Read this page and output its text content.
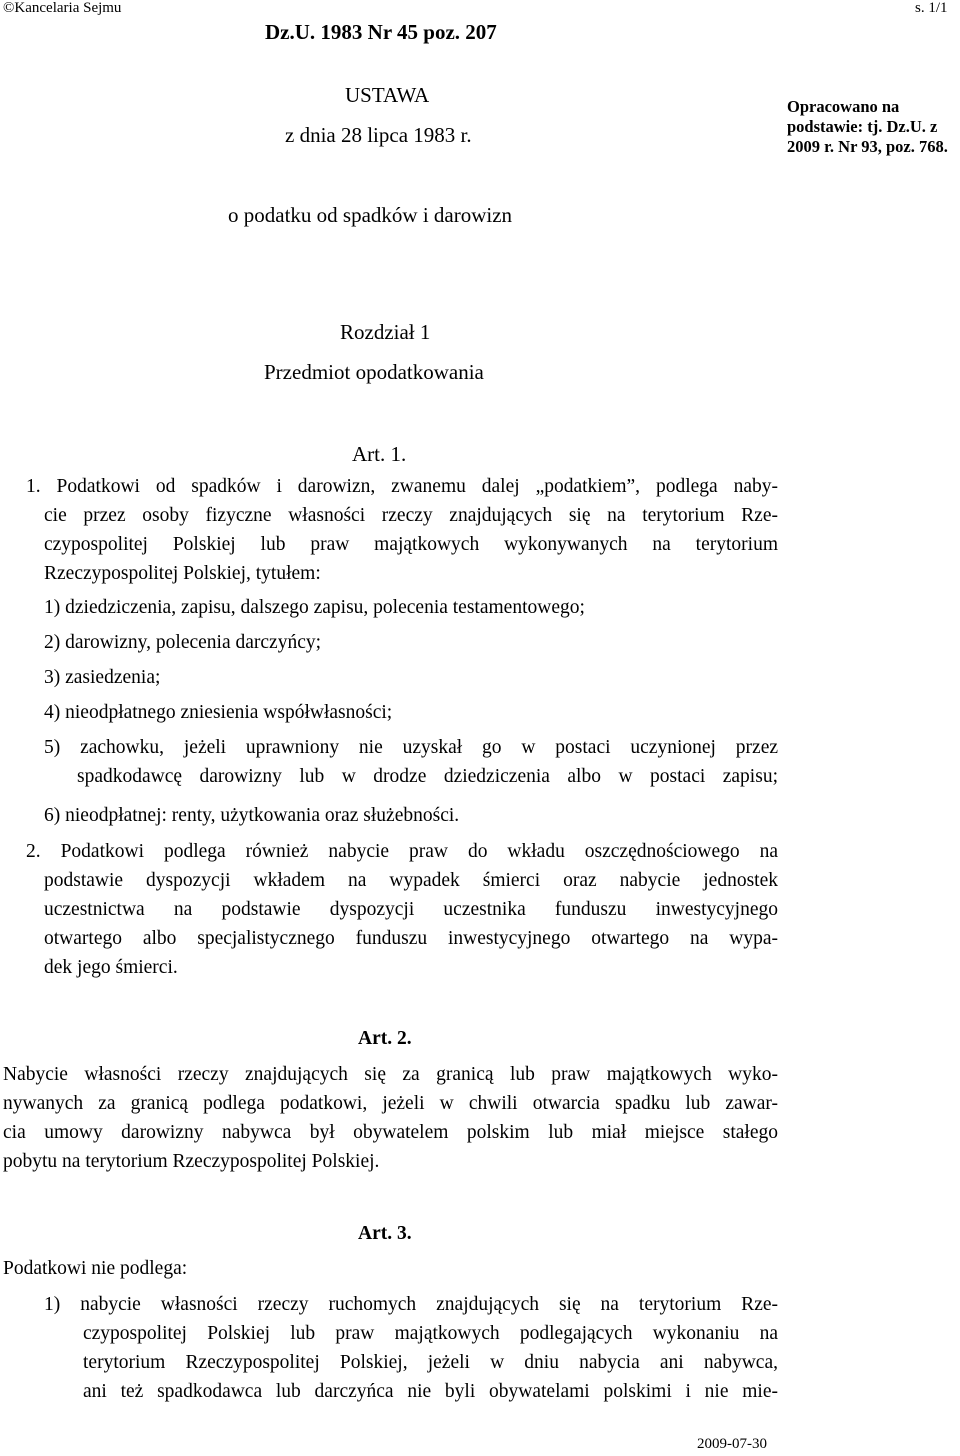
©Kancelaria Sejmu	s. 1/1
Dz.U. 1983 Nr 45 poz. 207
USTAWA
z dnia 28 lipca 1983 r.
o podatku od spadków i darowizn
Opracowano na podstawie: tj. Dz.U. z 2009 r. Nr 93, poz. 768.
Rozdział 1
Przedmiot opodatkowania
Art. 1.
1. Podatkowi od spadków i darowizn, zwanemu dalej „podatkiem”, podlega naby-
cie przez osoby fizyczne własności rzeczy znajdujących się na terytorium Rze-
czypospolitej Polskiej lub praw majątkowych wykonywanych na terytorium
Rzeczypospolitej Polskiej, tytułem:
1) dziedziczenia, zapisu, dalszego zapisu, polecenia testamentowego;
2) darowizny, polecenia darczyńcy;
3) zasiedzenia;
4) nieodpłatnego zniesienia współwłasności;
5) zachowku, jeżeli uprawniony nie uzyskał go w postaci uczynionej przez
spadkodawcę darowizny lub w drodze dziedziczenia albo w postaci zapisu;
6) nieodpłatnej: renty, użytkowania oraz służebności.
2. Podatkowi podlega również nabycie praw do wkładu oszczędnościowego na
podstawie dyspozycji wkładem na wypadek śmierci oraz nabycie jednostek
uczestnictwa na podstawie dyspozycji uczestnika funduszu inwestycyjnego
otwartego albo specjalistycznego funduszu inwestycyjnego otwartego na wypa-
dek jego śmierci.
Art. 2.
Nabycie własności rzeczy znajdujących się za granicą lub praw majątkowych wyko-
nywanych za granicą podlega podatkowi, jeżeli w chwili otwarcia spadku lub zawar-
cia umowy darowizny nabywca był obywatelem polskim lub miał miejsce stałego
pobytu na terytorium Rzeczypospolitej Polskiej.
Art. 3.
Podatkowi nie podlega:
1) nabycie własności rzeczy ruchomych znajdujących się na terytorium Rze-
czypospolitej Polskiej lub praw majątkowych podlegających wykonaniu na
terytorium Rzeczypospolitej Polskiej, jeżeli w dniu nabycia ani nabywca,
ani też spadkodawca lub darczyńca nie byli obywatelami polskimi i nie mie-
2009-07-30
